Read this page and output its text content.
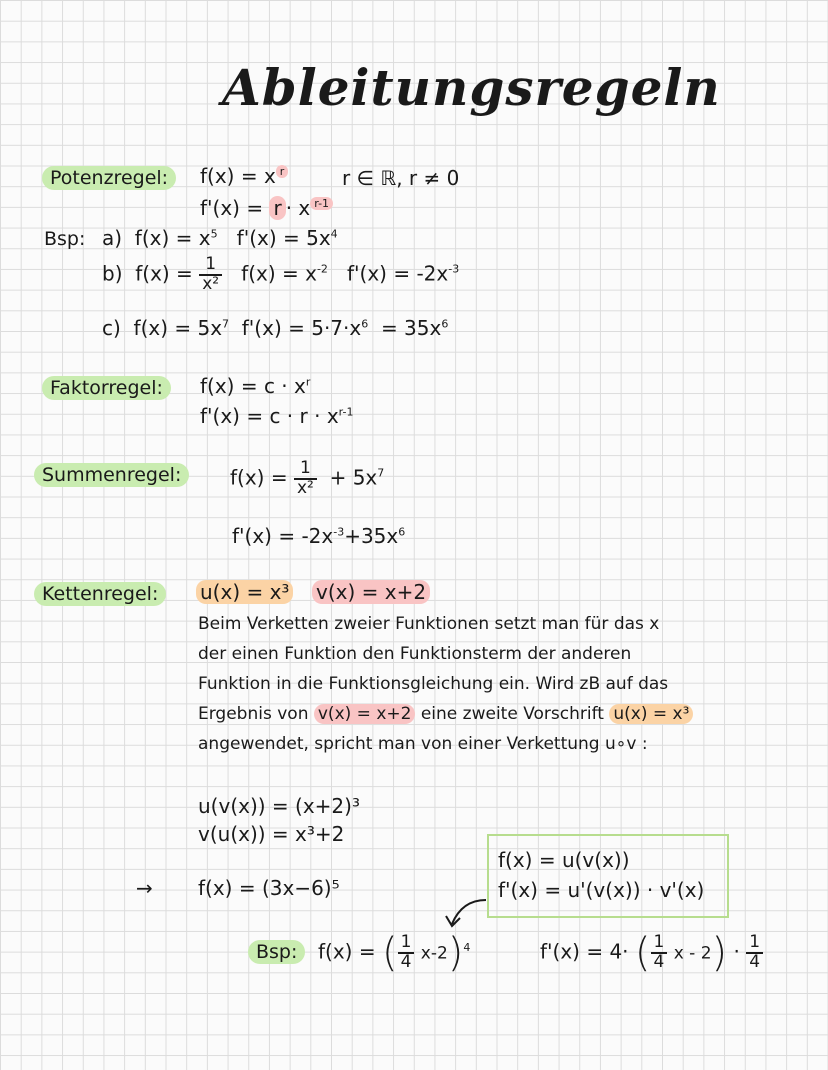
Ableitungsregeln
Potenzregel:	f(x) = x $^r$	r ∈ ℝ, r ≠ 0
f'(x) = r · x $^{r-1}$
Bsp: a) $f(x) = x^5$ $f'(x) = 5x^4$
b) $f(x) = \frac{1}{\text{x²}} f(x) = x^{-2}$ $f'(x) = -2x^{-3}$
c) $f(x) = 5x^7$ $f'(x) = 5\cdot 7\cdot x^6 = 35x^6$
Faktorregel:	$f(x) = c \cdot x^r$
$f'(x) = c \cdot r \cdot x^{r-1}$
Summenregel:	$f(x) = \frac{1}{\text{x²}} + 5x^7$
$f'(x) = -2x^{-3}+35x^6$
Kettenregel:	u(x) = x³ v(x) = x+2
Beim Verketten zweier Funktionen setzt man für das x
der einen Funktion den Funktionsterm der anderen
Funktion in die Funktionsgleichung ein. Wird zB auf das
Ergebnis von v(x) = x+2 eine zweite Vorschrift u(x) = x³
angewendet, spricht man von einer Verkettung u∘v :
u(v(x)) = (x+2)³
v(u(x)) = x³+2
→ f(x) = (3x−6)⁵
f(x) = u(v(x))
f'(x) = u'(v(x)) · v'(x)
Bsp:	f(x) = ( $\frac{1}{4} x-2)^4$	f'(x) = 4· ( $\frac{1}{4}$ $x - 2) \cdot \frac{1}{4}$
